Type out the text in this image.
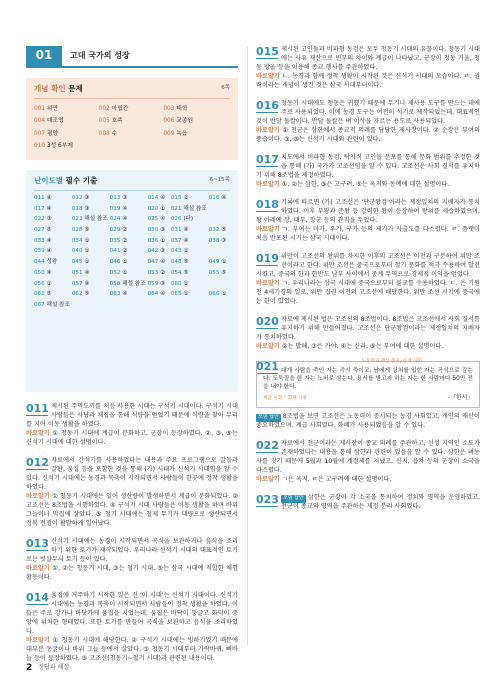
01	고대 국가의 성장
개념 확인 문제	6쪽
001 위만	002 마립간	003 태학
004 대조영	005 호족	006 교종원
007 평양	008 수	009 녹읍
010 3성 6부제
난이도별 필수 기출	6~15쪽
011 ④	012 ③	013 ③	014 ④	015 ②	016 ④
017 ④	018 ③	019 ④	020 ①	021 해설 참조
022 ③	023 해설 참조 024 ④	025 ④	026 (다)
027 ⑤	028 ⑤	029 ②	030 ③	031 ④	032 ⑤
033 ④	034 ①	035 ②	036 ①	037 ④	038 ③
039 ④	040 ①	041 ②	042 ③	043 ①
044 성왕	045 ①	046 ①	047 ④	048 ⑤	049 ①
050 ④	051 ④	052 ①	053 ②	054 ⑤	055 ⑤
056 ①	057 ④	058 해설 참조 059 ③	060 ①
061 ⑤	062 ⑤	063 ④	064 ④	065 ①	066 ①
067 해설 참조
011 제시된 주먹도끼를 처음 사용한 시대는 구석기 시대이다. 구석기 시대 사람들은 사냥과 채집을 통해 식량을 얻었기 때문에 식량을 찾아 무리를 지어 이동 생활을 하였다.
바로알기 ① 청동기 시대에 계급이 분화하고, 군장이 등장하였다. ②, ③, ⑤는 신석기 시대에 대한 설명이다.
012 자료에서 간석기를 사용하였다는 내용과 주요 프로그램으로 갈돌과 갈판, 움집 등을 포함한 것을 통해 (가) 시대가 신석기 시대임을 알 수 있다. 신석기 시대에는 농경과 목축이 시작되면서 사람들이 한곳에 정착 생활을 하였다.
바로알기 ① 청동기 시대에는 일어 생산량이 발생하면서 계급이 분화되었다. ② 고조선은 8조법을 시행하였다. ④ 구석기 시대 사람들은 이동 생활을 하며 바위 그늘이나 막집에 살았다. ⑤ 철기 시대에는 철제 무기가 대량으로 생산되면서 정복 전쟁이 활발하게 일어났다.
013 신석기 시대에는 농경이 시작되면서 곡식을 보관하거나 음식을 조리하기 위한 토기가 제작되었다. 우리나라 신석기 시대의 대표적인 토기로는 빗살무늬 토기 등이 있다.
바로알기 ①, ②는 청동기 시대, ③는 철기 시대, ⑤는 삼국 시대에 적합한 체험 활동이다.
014 움집에 거주하기 시작한 일은 진 '이 시대'는 신석기 시대이다. 신석기 시대에는 농경과 목축이 시작되면서 사람들이 정착 생활을 하였다. 이들은 주로 강가나 바닷가에 움집을 지었는데, 움집은 바닥이 둥글고 화덕이 중앙에 위치한 형태였다. 또한 토기를 만들어 곡식을 보관하고 음식을 조리하였다.
바로알기 ① 청동기 시대에 해당한다. ② 구석기 시대에는 빙하기였기 때문에 대부분 동굴이나 바위 그늘 등에서 살았다. ③ 청동기 시대부터 가락바퀴, 뼈바늘 등이 등장하였다. ⑤ 고조선(청동기~철기 시대)과 관련된 내용이다.
015 제시된 고인돌과 비파형 동검은 모두 청동기 시대의 유물이다. 청동기 시대에는 사유 재산으로 빈부의 차이와 계급이 나타났고, 군장이 청동 거울, 청동 방울 등을 이용해 종교 행사를 주관하였다.
바로알기 ㄴ. 농경과 함께 정착 생활이 시작된 것은 신석기 시대의 모습이다. ㄹ. 권력이라는 개념이 생긴 것은 삼국 시대부터이다.
016 청동기 시대에도 청동은 귀했기 때문에 무기나 제사용 도구를 만드는 데에 주로 사용되었다. 이에 농경 도구는 여전히 석기로 제작되었는데, 대표적인 것이 반달 돌칼이다. 반달 돌칼은 벼 이삭을 자르는 용도로 사용되었다.
바로알기 ① 천군은 삼한에서 종교적 의례를 담당한 제사장이다. ② 순장은 부여의 풍습이다. ③, ⑤는 신석기 시대와 관련이 있다.
017 지도에서 비파형 동검, 탁자식 고인돌 분포를 통해 문화 범위를 추정한 것을 통해 (가) 국가가 고조선임을 알 수 있다. 고조선은 사회 질서를 유지하기 위해 8조법을 제정하였다.
바로알기 ①, ②는 삼한, ③은 고구려, ⑤는 옥저와 동예에 대한 설명이다.
018 기록에 따르면 (가) 고조선은 '단군왕검'이라는 제정일치의 지배자가 통치하였다. 이후 부왕과 준왕 등 강력한 왕이 등장하여 왕위를 세습하였으며, 왕 아래에 상, 대부, 장군 등의 관직을 두었다.
바로알기 ㄱ. 부여는 마가, 우가, 구가 등의 제가가 사출도를 다스렸다. ㄹ. 플랫이 처음 반포된 시기는 삼국 시대이다.
019 위만이 고조선의 왕위를 차지한 이후의 고조선은 이전과 구분하여 위만 조선이라고 한다. 위만 조선은 중국으로부터 철기 문화를 적극 수용하여 발전시켰고, 중국의 한과 한반도 남부 사이에서 중계 무역으로 경제적 이익을 얻었다.
바로알기 ㄱ. 우리나라는 삼국 시대에 중국으로부터 불교를 수용하였다. ㄷ. 은 기원전 4세기경의 일로, 위만 집권 이전의 고조선에 해당한다. 위만 조선 시기에 중국에는 한이 있었다.
020 자료에 제시된 법은 고조선의 8조법이다. 8조법은 고조선에서 사회 질서를 유지하기 위해 만들어졌다. 고조선은 단군왕검이라는 제정일치의 지배자가 통치하였다.
바로알기 ②는 발해, ③은 가야, ④는 신라, ⑤는 부여에 대한 설명이다.
021	노동력과 재산 중시, 농경 사회
대개 사람을 죽인 자는 즉시 죽이고, 남에게 상처를 입힌 자는 곡식으로 갚는다. 도둑질을 한 자는 노비로 삼는다. 용서를 받고자 하는 자는 한 사람마다 50만 전을 내야 한다.
계급 사회 · 화폐 사용	-「한서」
모범 답안 8조법을 보면 고조선은 노동력이 중시되는 농경 사회였고, 개인의 재산이 중요하였으며, 계급 사회였다. 화폐가 사용되었음을 알 수 있다.
022 자료에서 천군이라는 제사장이 종교 의례를 주관하고, 신성 지역인 소도가 존재하였다는 내용을 통해 삼한과 관련이 있음을 알 수 있다. 삼한은 벼농사를 짓기 때문에 5월과 10월에 계절제를 지냈고, 신지, 읍차 등의 군장이 소국을 다스렸다.
바로알기 ㄱ은 옥저, ㄹ은 고구려에 대한 설명이다.
023 모범 답안 삼한은 군장이 각 소국을 통치하여 정치와 영역을 운영하였고, 천군이 종교와 영역을 주관하는 제정 분리 사회였다.
2 정답과 해설
